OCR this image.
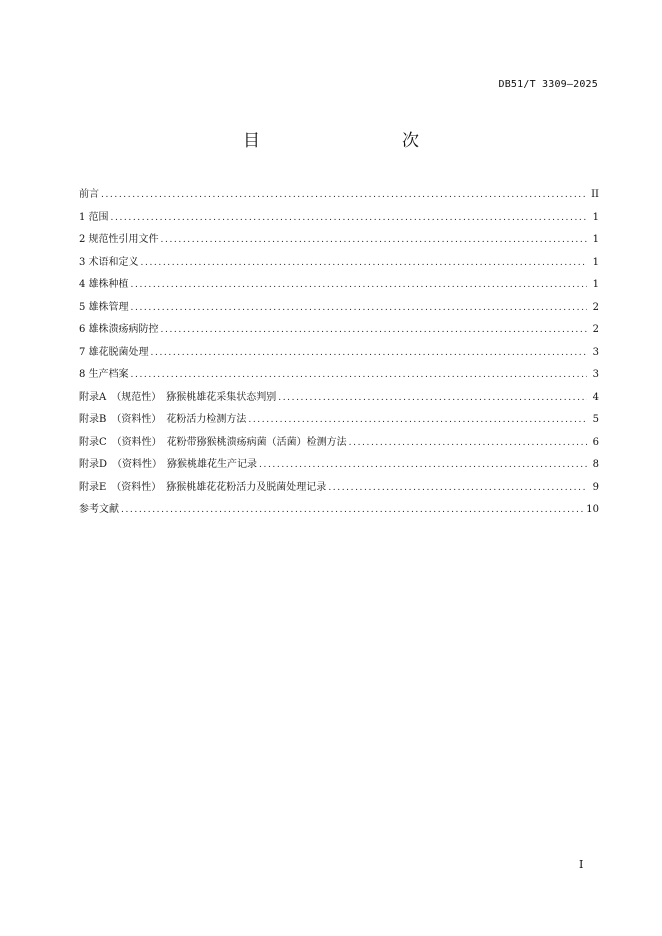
DB51/T 3309—2025
目　　次
前言 .....	II
1 范围 .....	1
2 规范性引用文件 .....	1
3 术语和定义 .....	1
4 雄株种植 .....	1
5 雄株管理 .....	2
6 雄株溃疡病防控 .....	2
7 雄花脱菌处理 .....	3
8 生产档案 .....	3
附录A　（规范性）　猕猴桃雄花采集状态判别 .....	4
附录B　（资料性）　花粉活力检测方法 .....	5
附录C　（资料性）　花粉带猕猴桃溃疡病菌（活菌）检测方法 .....	6
附录D　（资料性）　猕猴桃雄花生产记录 .....	8
附录E　（资料性）　猕猴桃雄花花粉活力及脱菌处理记录 .....	9
参考文献 .....	10
I
